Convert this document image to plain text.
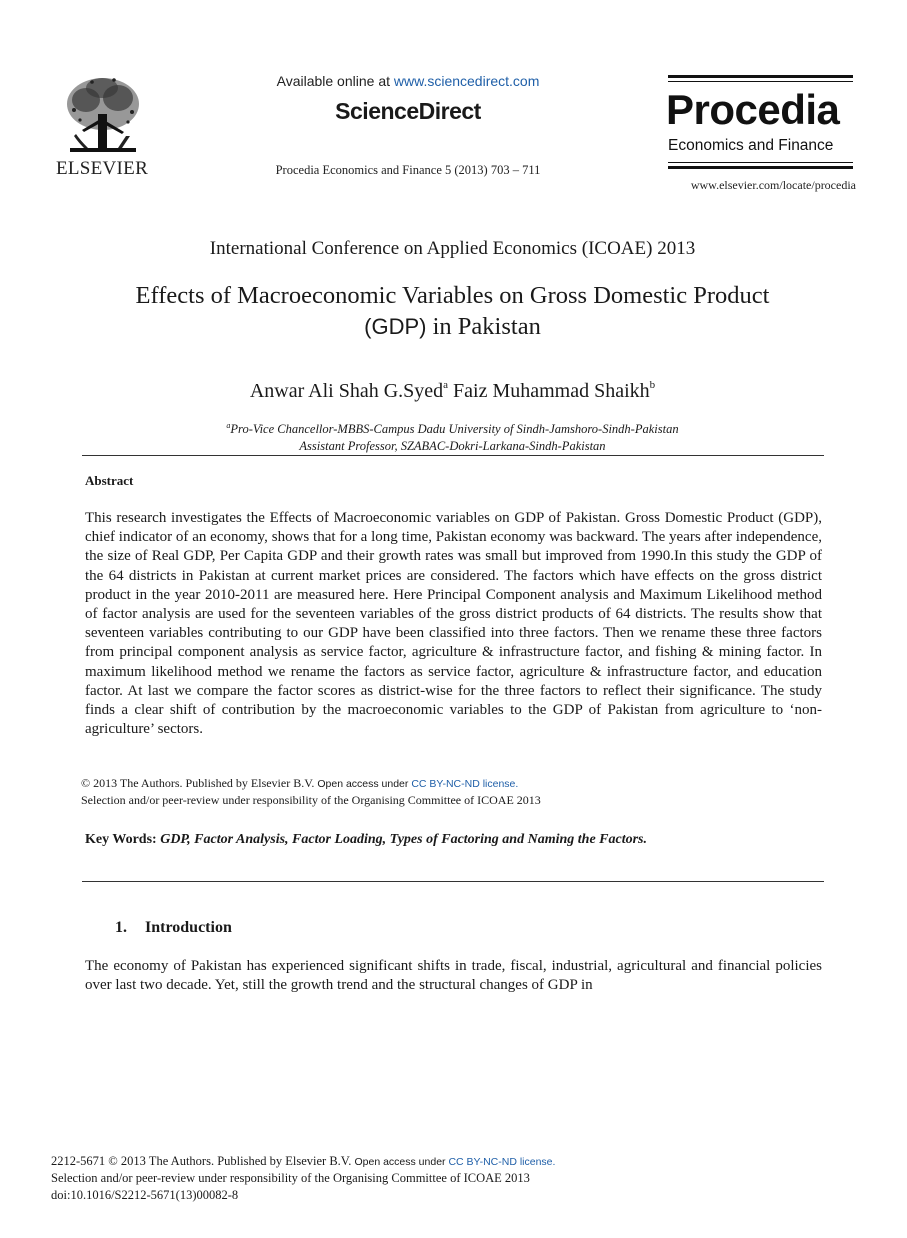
ELSEVIER
Available online at www.sciencedirect.com
ScienceDirect
Procedia Economics and Finance 5 (2013) 703 – 711
Procedia
Economics and Finance
www.elsevier.com/locate/procedia
International Conference on Applied Economics (ICOAE) 2013
Effects of Macroeconomic Variables on Gross Domestic Product
(GDP) in Pakistan
Anwar Ali Shah G.Syed$^a$ Faiz Muhammad Shaikh$^b$
$^a$Pro-Vice Chancellor-MBBS-Campus Dadu University of Sindh-Jamshoro-Sindh-Pakistan
Assistant Professor, SZABAC-Dokri-Larkana-Sindh-Pakistan
Abstract
This research investigates the Effects of Macroeconomic variables on GDP of Pakistan. Gross Domestic Product (GDP), chief indicator of an economy, shows that for a long time, Pakistan economy was backward. The years after independence, the size of Real GDP, Per Capita GDP and their growth rates was small but improved from 1990.In this study the GDP of the 64 districts in Pakistan at current market prices are considered. The factors which have effects on the gross district product in the year 2010-2011 are measured here. Here Principal Component analysis and Maximum Likelihood method of factor analysis are used for the seventeen variables of the gross district products of 64 districts. The results show that seventeen variables contributing to our GDP have been classified into three factors. Then we rename these three factors from principal component analysis as service factor, agriculture & infrastructure factor, and fishing & mining factor. In maximum likelihood method we rename the factors as service factor, agriculture & infrastructure factor, and education factor. At last we compare the factor scores as district-wise for the three factors to reflect their significance. The study finds a clear shift of contribution by the macroeconomic variables to the GDP of Pakistan from agriculture to ‘non-agriculture’ sectors.
© 2013 The Authors. Published by Elsevier B.V. Open access under CC BY-NC-ND license.
Selection and/or peer-review under responsibility of the Organising Committee of ICOAE 2013
Key Words: GDP, Factor Analysis, Factor Loading, Types of Factoring and Naming the Factors.
1. Introduction
The economy of Pakistan has experienced significant shifts in trade, fiscal, industrial, agricultural and financial policies over last two decade. Yet, still the growth trend and the structural changes of GDP in
2212-5671 © 2013 The Authors. Published by Elsevier B.V. Open access under CC BY-NC-ND license.
Selection and/or peer-review under responsibility of the Organising Committee of ICOAE 2013
doi:10.1016/S2212-5671(13)00082-8
